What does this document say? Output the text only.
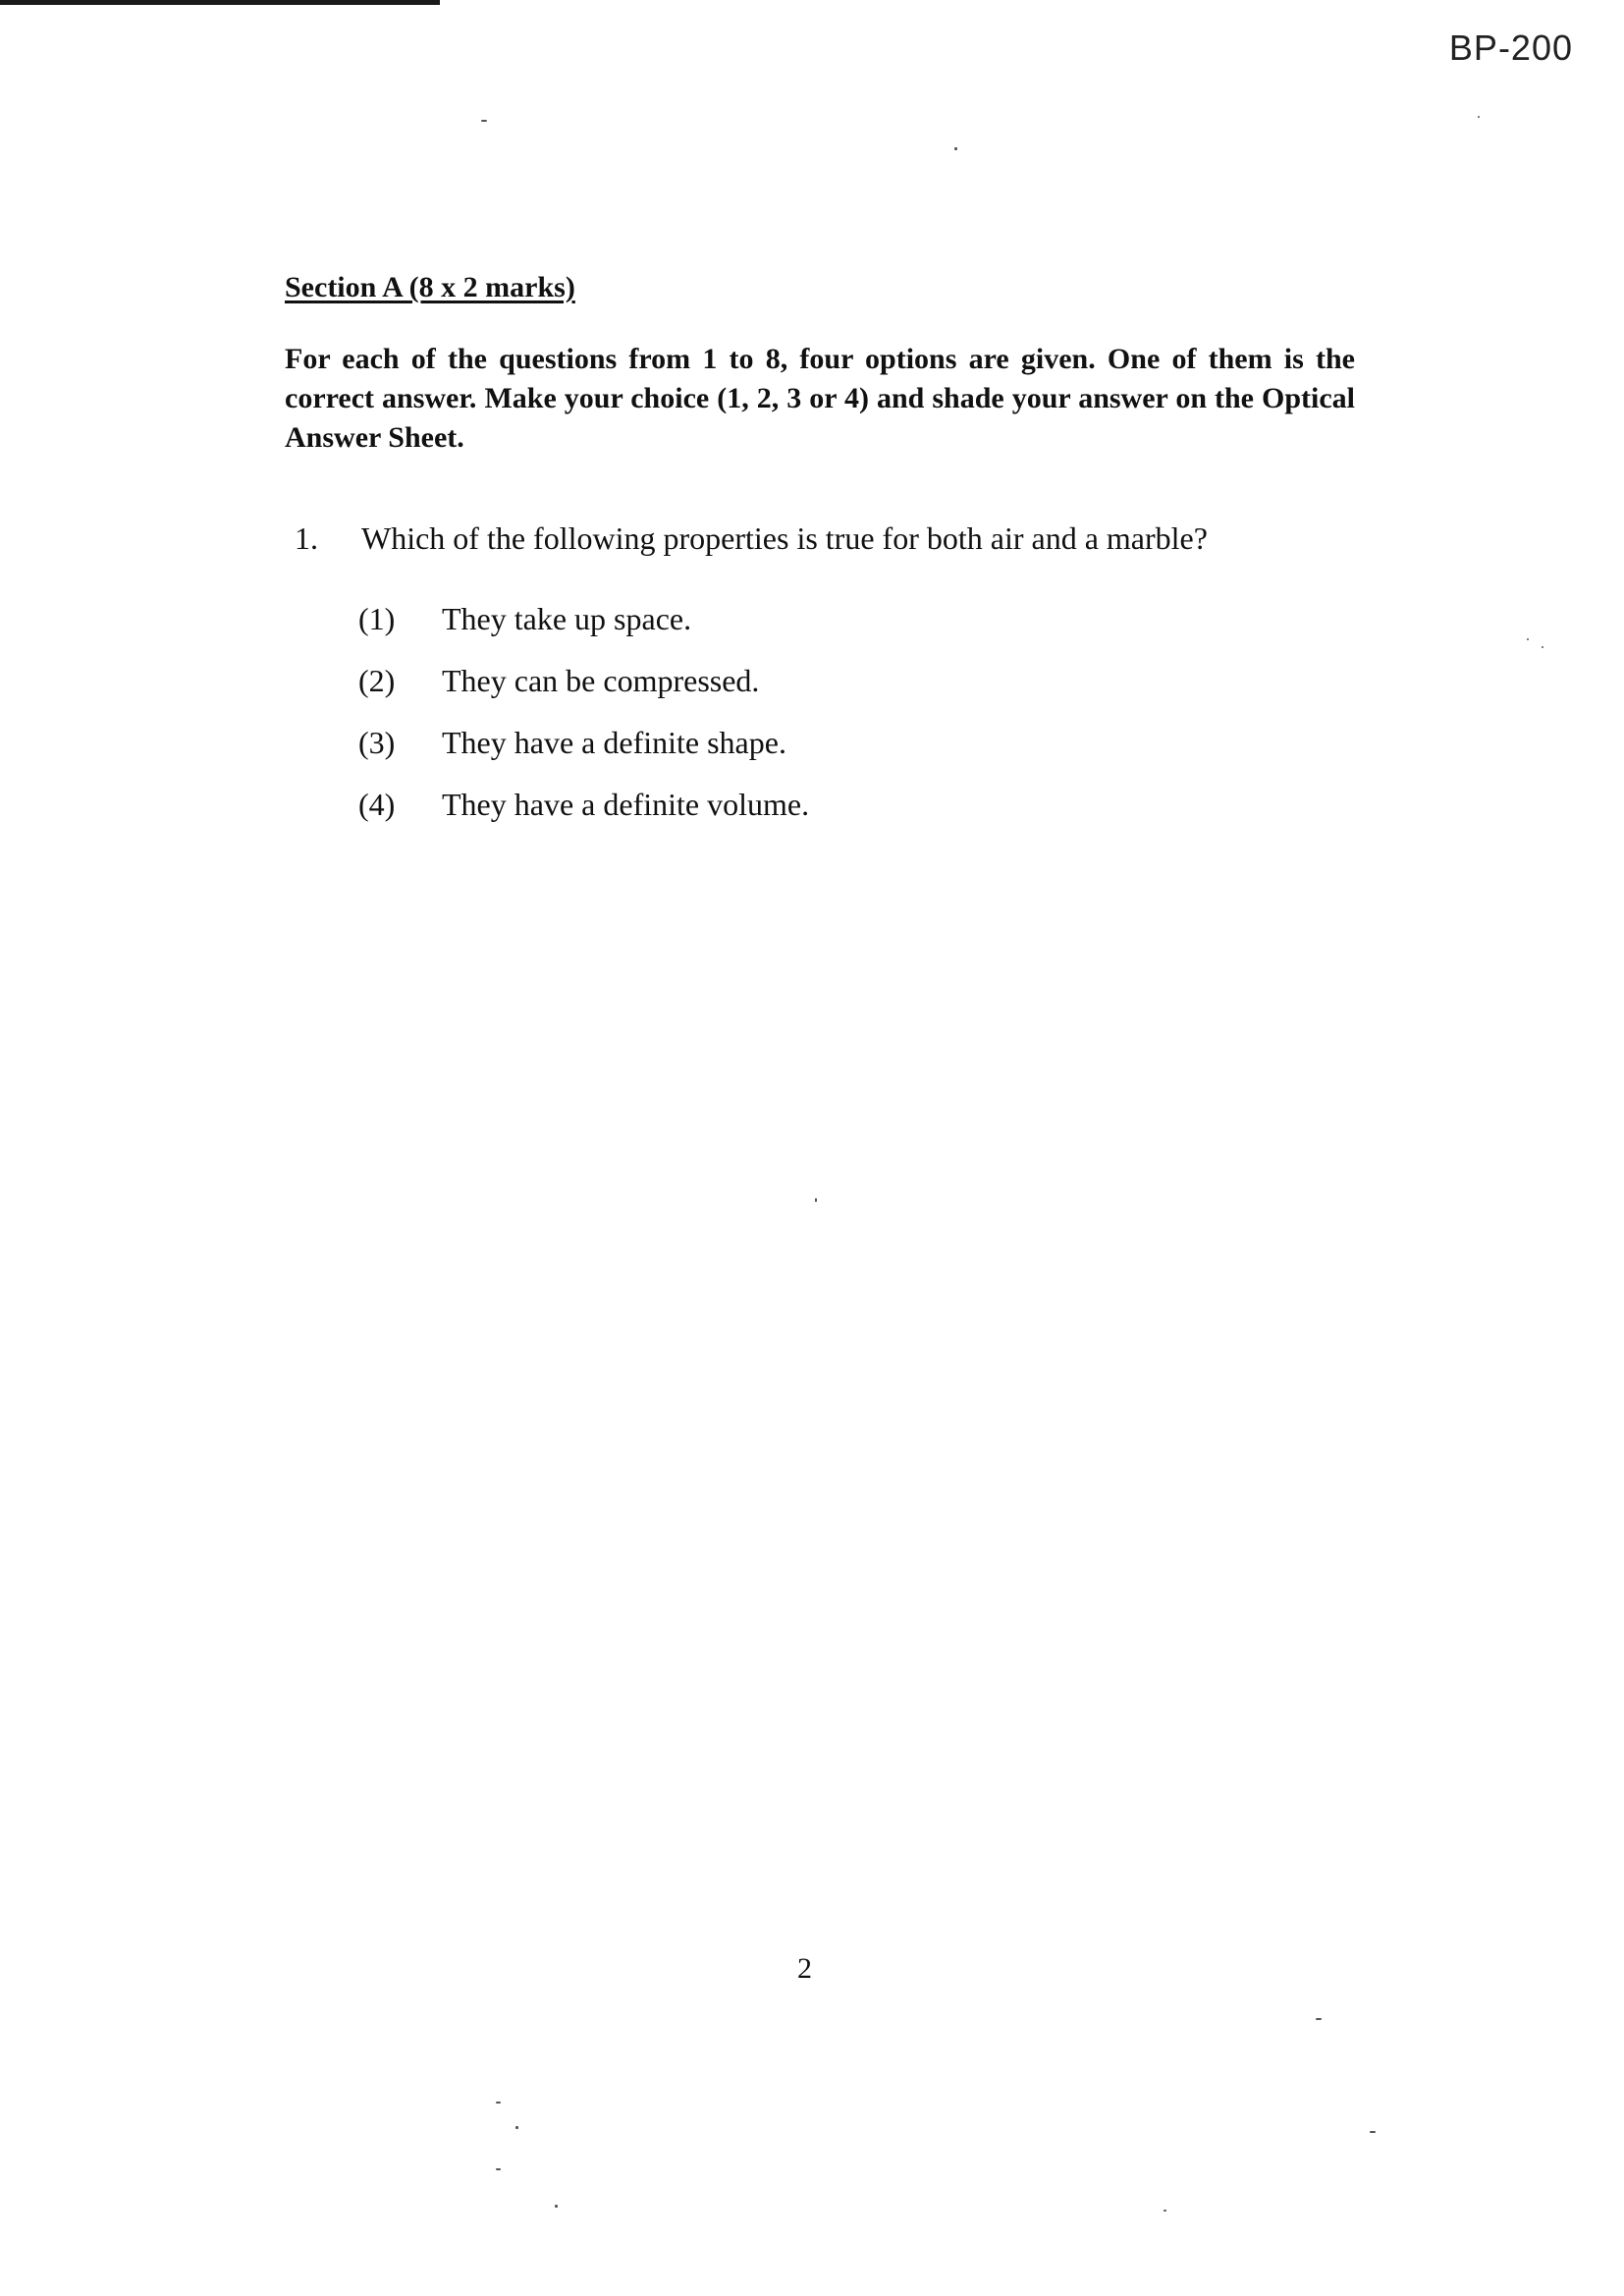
BP-200
Section A (8 x 2 marks)
For each of the questions from 1 to 8, four options are given. One of them is the correct answer. Make your choice (1, 2, 3 or 4) and shade your answer on the Optical Answer Sheet.
1. Which of the following properties is true for both air and a marble?
(1) They take up space.
(2) They can be compressed.
(3) They have a definite shape.
(4) They have a definite volume.
2
